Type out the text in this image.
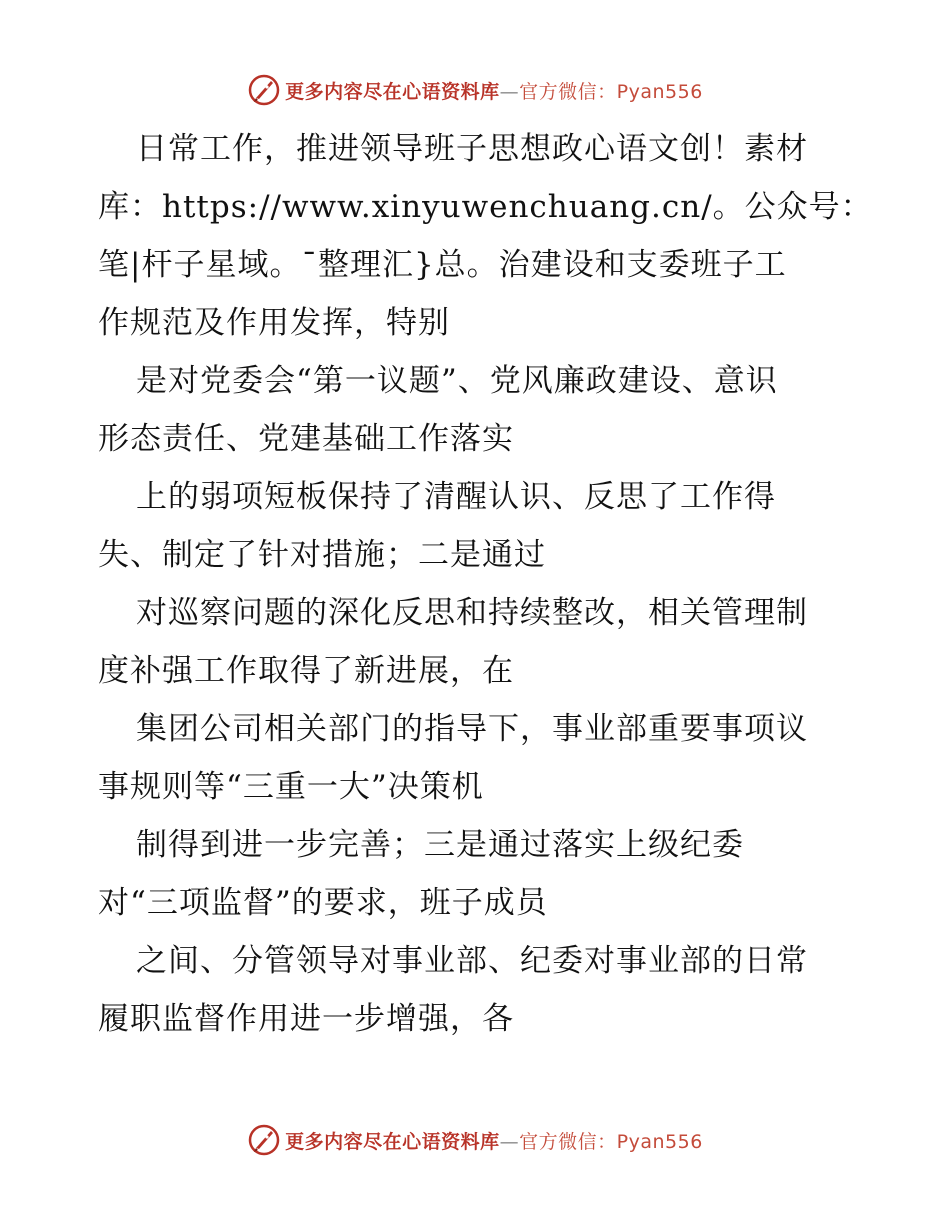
更多内容尽在心语资料库—官方微信：Pyan556
日常工作，推进领导班子思想政心语文创！素材
库：https://www.xinyuwenchuang.cn/。公众号：
笔|杆子星域。¯整理汇}总。治建设和支委班子工
作规范及作用发挥，特别
是对党委会“第一议题”、党风廉政建设、意识
形态责任、党建基础工作落实
上的弱项短板保持了清醒认识、反思了工作得
失、制定了针对措施；二是通过
对巡察问题的深化反思和持续整改，相关管理制
度补强工作取得了新进展，在
集团公司相关部门的指导下，事业部重要事项议
事规则等“三重一大”决策机
制得到进一步完善；三是通过落实上级纪委
对“三项监督”的要求，班子成员
之间、分管领导对事业部、纪委对事业部的日常
履职监督作用进一步增强，各
更多内容尽在心语资料库—官方微信：Pyan556
